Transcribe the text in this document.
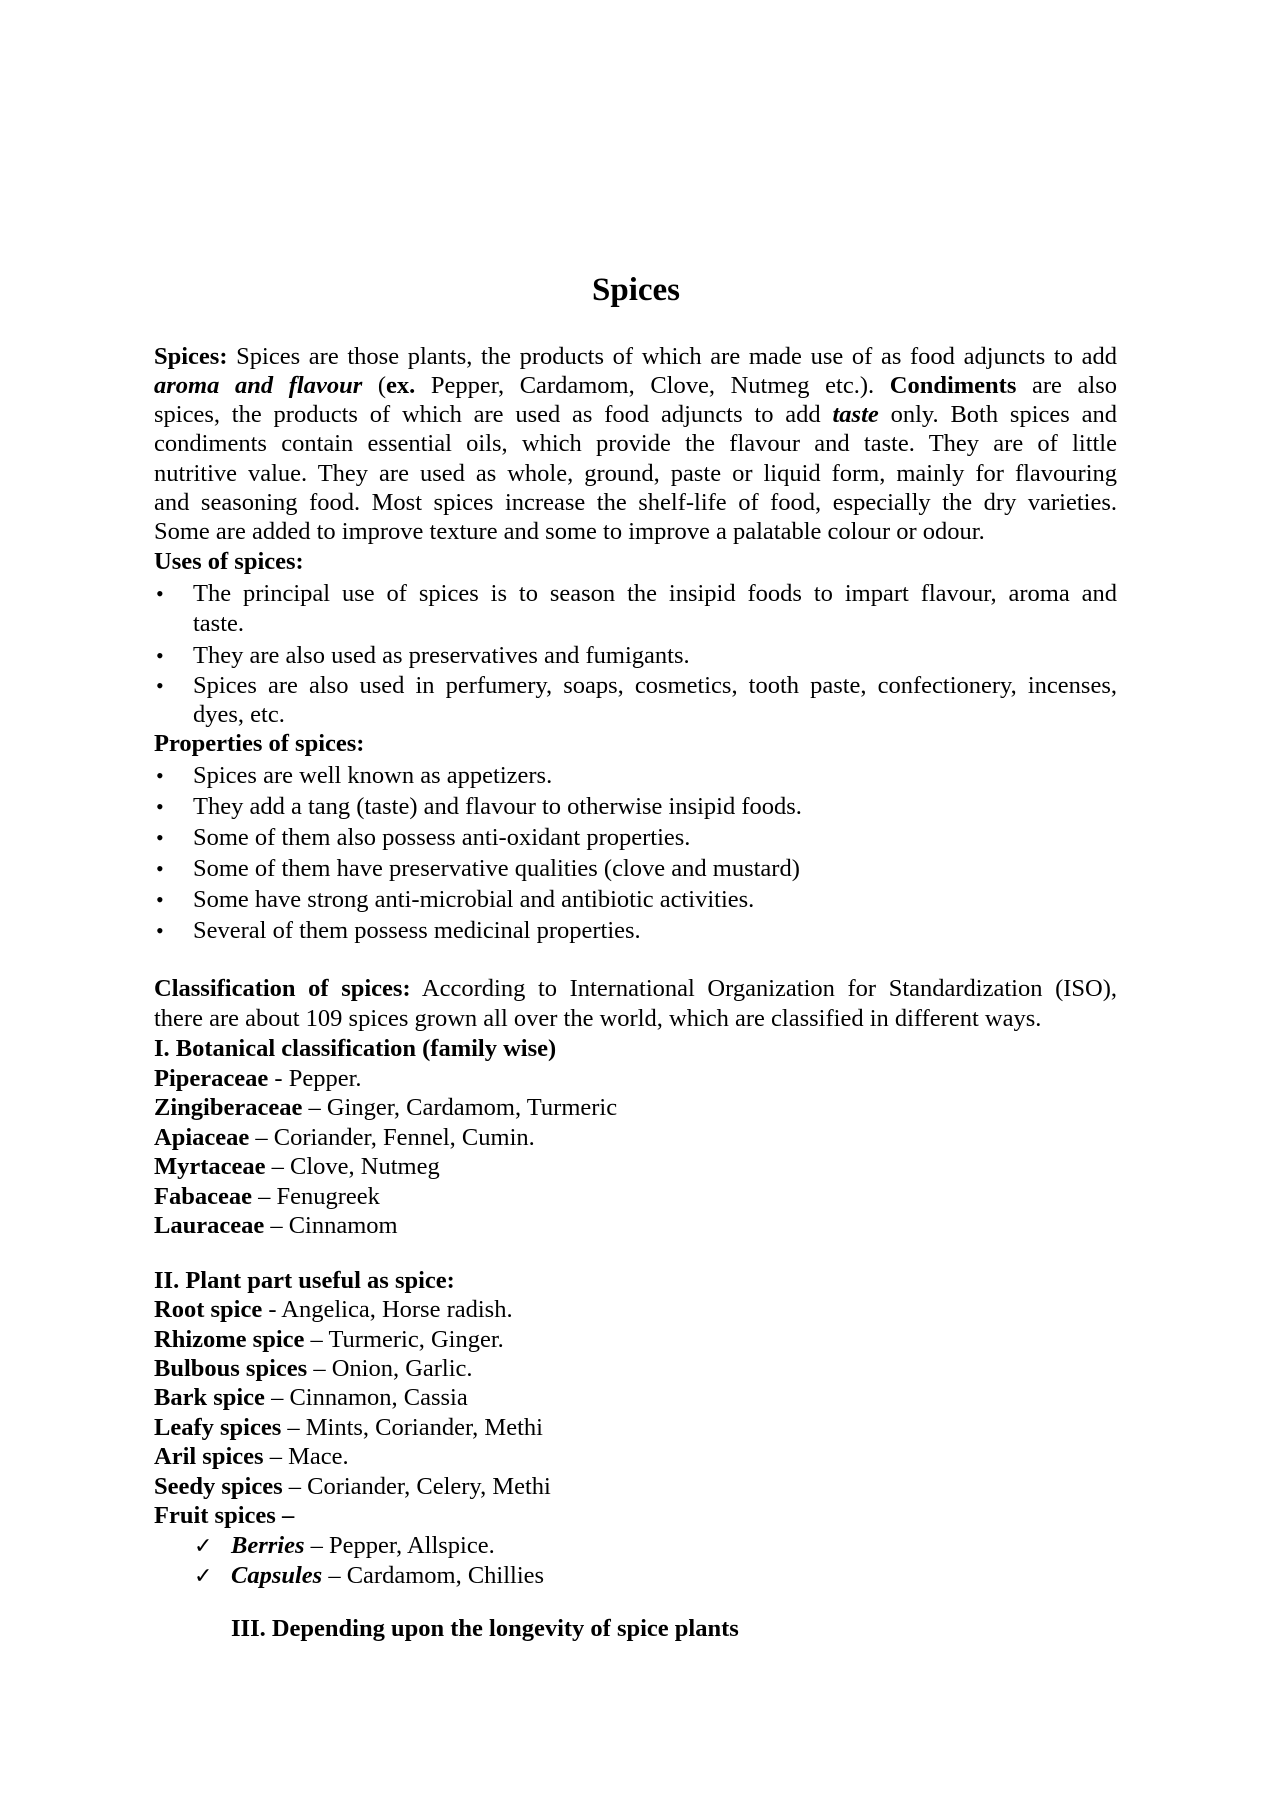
Spices
Spices: Spices are those plants, the products of which are made use of as food adjuncts to add
aroma and flavour (ex. Pepper, Cardamom, Clove, Nutmeg etc.). Condiments are also
spices, the products of which are used as food adjuncts to add taste only. Both spices and
condiments contain essential oils, which provide the flavour and taste. They are of little
nutritive value. They are used as whole, ground, paste or liquid form, mainly for flavouring
and seasoning food. Most spices increase the shelf-life of food, especially the dry varieties.
Some are added to improve texture and some to improve a palatable colour or odour.
Uses of spices:
• The principal use of spices is to season the insipid foods to impart flavour, aroma and
taste.
• They are also used as preservatives and fumigants.
• Spices are also used in perfumery, soaps, cosmetics, tooth paste, confectionery, incenses,
dyes, etc.
Properties of spices:
• Spices are well known as appetizers.
• They add a tang (taste) and flavour to otherwise insipid foods.
• Some of them also possess anti-oxidant properties.
• Some of them have preservative qualities (clove and mustard)
• Some have strong anti-microbial and antibiotic activities.
• Several of them possess medicinal properties.
Classification of spices: According to International Organization for Standardization (ISO),
there are about 109 spices grown all over the world, which are classified in different ways.
I. Botanical classification (family wise)
Piperaceae - Pepper.
Zingiberaceae – Ginger, Cardamom, Turmeric
Apiaceae – Coriander, Fennel, Cumin.
Myrtaceae – Clove, Nutmeg
Fabaceae – Fenugreek
Lauraceae – Cinnamom
II. Plant part useful as spice:
Root spice - Angelica, Horse radish.
Rhizome spice – Turmeric, Ginger.
Bulbous spices – Onion, Garlic.
Bark spice – Cinnamon, Cassia
Leafy spices – Mints, Coriander, Methi
Aril spices – Mace.
Seedy spices – Coriander, Celery, Methi
Fruit spices –
✓ Berries – Pepper, Allspice.
✓ Capsules – Cardamom, Chillies
III. Depending upon the longevity of spice plants
